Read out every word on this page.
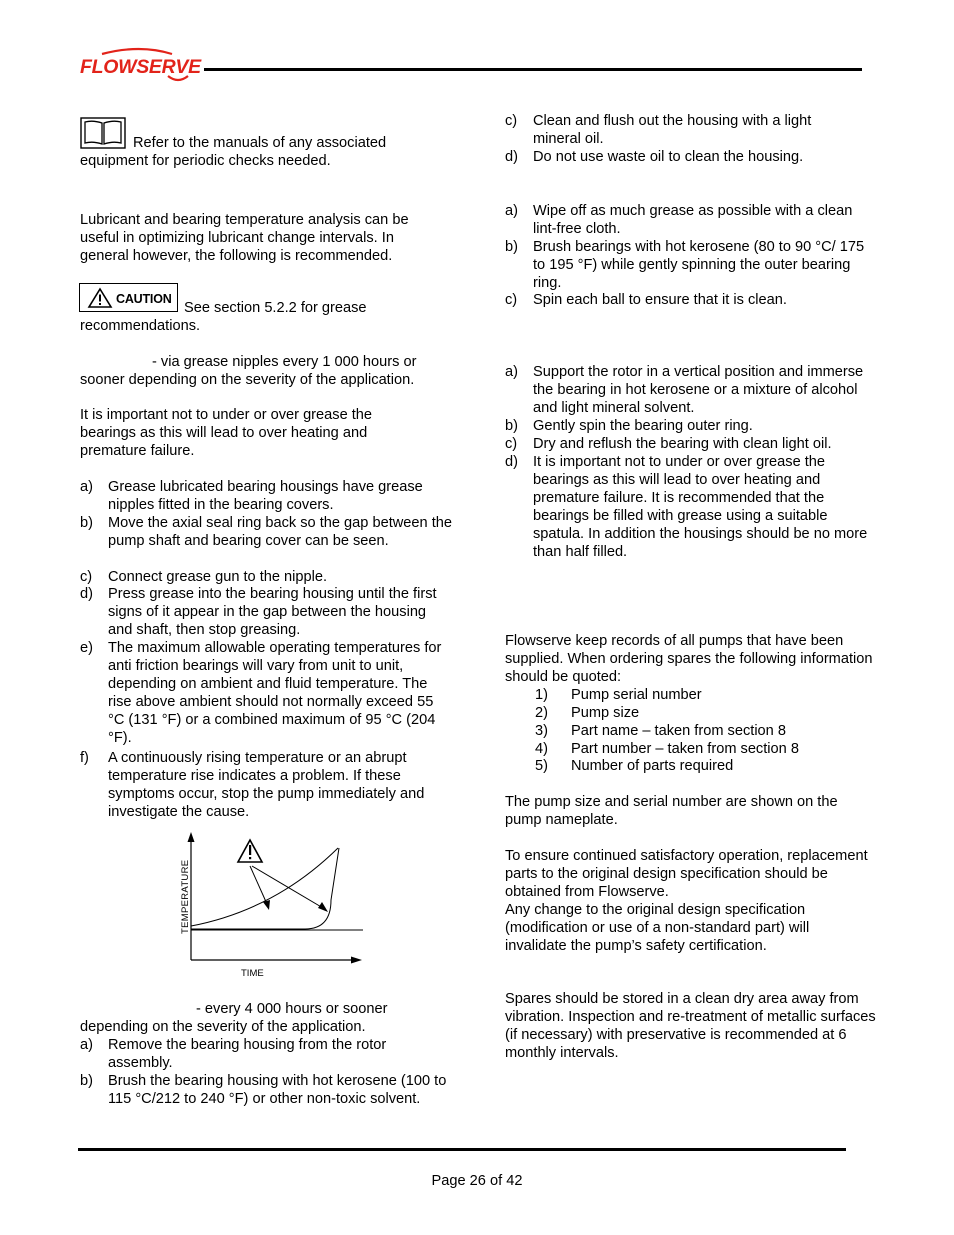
FLOWSERVE

Refer to the manuals of any associated equipment for periodic checks needed.

Lubricant and bearing temperature analysis can be useful in optimizing lubricant change intervals. In general however, the following is recommended.

CAUTION

See section 5.2.2 for grease recommendations.

- via grease nipples every 1 000 hours or

sooner depending on the severity of the application.

It is important not to under or over grease the bearings as this will lead to over heating and premature failure.

a) Grease lubricated bearing housings have grease nipples fitted in the bearing covers.
b) Move the axial seal ring back so the gap between the pump shaft and bearing cover can be seen.
c) Connect grease gun to the nipple.
d) Press grease into the bearing housing until the first signs of it appear in the gap between the housing and shaft, then stop greasing.
e) The maximum allowable operating temperatures for anti friction bearings will vary from unit to unit, depending on ambient and fluid temperature. The rise above ambient should not normally exceed 55 °C (131 °F) or a combined maximum of 95 °C (204 °F).
f) A continuously rising temperature or an abrupt temperature rise indicates a problem. If these symptoms occur, stop the pump immediately and investigate the cause.
TEMPERATURE
TIME

- every 4 000 hours or sooner

depending on the severity of the application.

a) Remove the bearing housing from the rotor assembly.
b) Brush the bearing housing with hot kerosene (100 to 115 °C/212 to 240 °F) or other non-toxic solvent.
c) Clean and flush out the housing with a light mineral oil.
d) Do not use waste oil to clean the housing.
a) Wipe off as much grease as possible with a clean lint-free cloth.
b) Brush bearings with hot kerosene (80 to 90 °C/ 175 to 195 °F) while gently spinning the outer bearing ring.
c) Spin each ball to ensure that it is clean.
a) Support the rotor in a vertical position and immerse the bearing in hot kerosene or a mixture of alcohol and light mineral solvent.
b) Gently spin the bearing outer ring.
c) Dry and reflush the bearing with clean light oil.
d) It is important not to under or over grease the bearings as this will lead to over heating and premature failure. It is recommended that the bearings be filled with grease using a suitable spatula. In addition the housings should be no more than half filled.

Flowserve keep records of all pumps that have been supplied. When ordering spares the following information should be quoted:

1) Pump serial number
2) Pump size
3) Part name – taken from section 8
4) Part number – taken from section 8
5) Number of parts required

The pump size and serial number are shown on the pump nameplate.

To ensure continued satisfactory operation, replacement parts to the original design specification should be obtained from Flowserve.

Any change to the original design specification (modification or use of a non-standard part) will invalidate the pump’s safety certification.

Spares should be stored in a clean dry area away from vibration. Inspection and re-treatment of metallic surfaces (if necessary) with preservative is recommended at 6 monthly intervals.

Page 26 of 42
